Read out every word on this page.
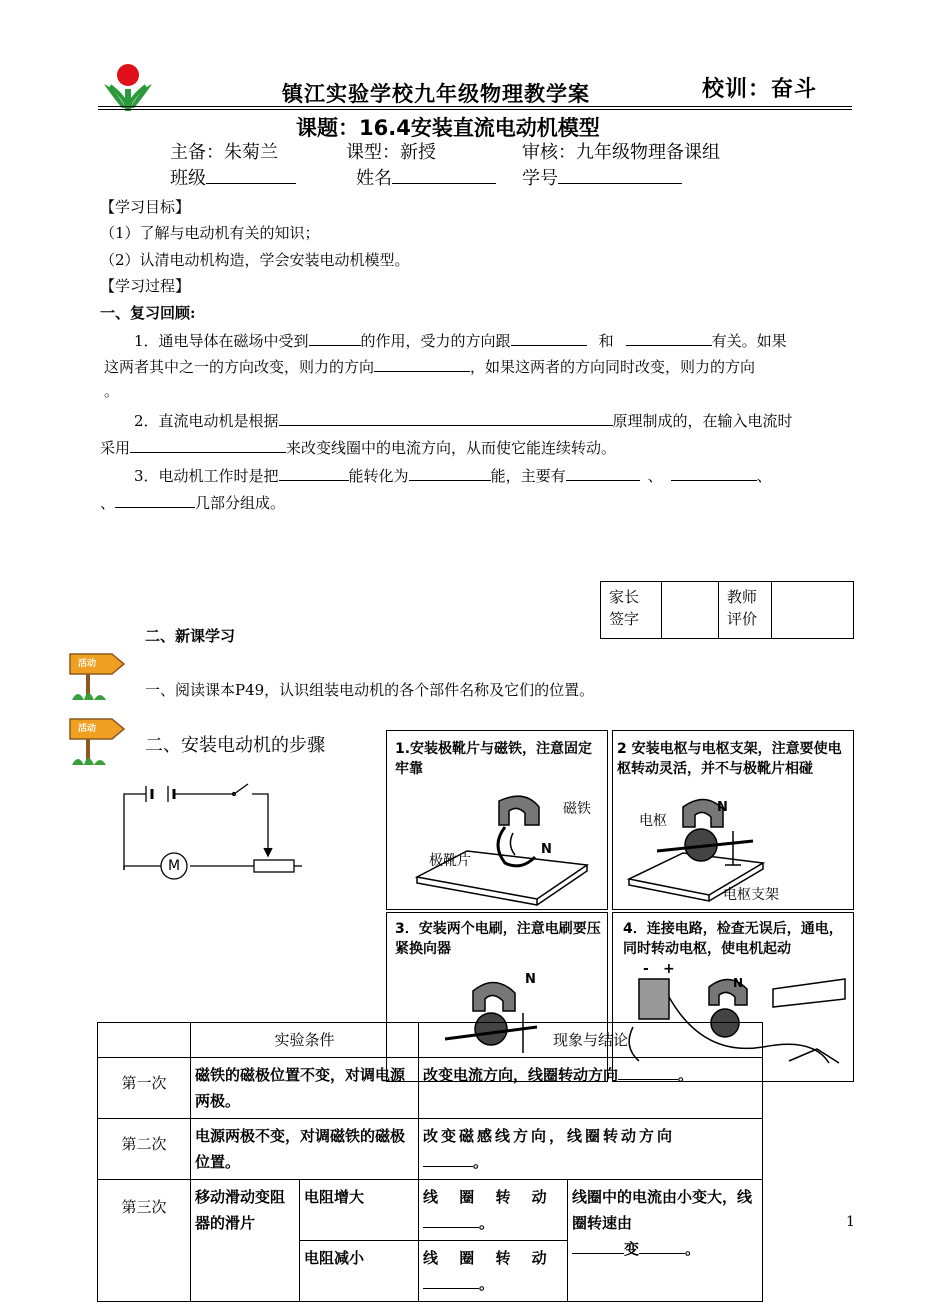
镇江实验学校九年级物理教学案	校训：奋斗
课题：16.4安装直流电动机模型
主备：朱菊兰	课型：新授	审核：九年级物理备课组
班级	姓名	学号
【学习目标】
（1）了解与电动机有关的知识；
（2）认清电动机构造，学会安装电动机模型。
【学习过程】
一、复习回顾:
1．通电导体在磁场中受到	的作用，受力的方向跟	和	有关。如果
这两者其中之一的方向改变，则力的方向	，如果这两者的方向同时改变，则力的方向
。
2．直流电动机是根据	原理制成的，在输入电流时
采用	来改变线圈中的电流方向，从而使它能连续转动。
3．电动机工作时是把	能转化为	能，主要有	、	、
、	几部分组成。
家长签字		教师评价	
二、新课学习
活动
一、阅读课本P49，认识组装电动机的各个部件名称及它们的位置。
活动
二、安装电动机的步骤
M
1.安装极靴片与磁铁，注意固定牢靠
磁铁
极靴片
N
2 安装电枢与电枢支架，注意要使电枢转动灵活，并不与极靴片相碰
电枢
电枢支架
N
3．安装两个电刷，注意电刷要压紧换向器
N
4．连接电路，检查无误后，通电，同时转动电枢，使电机起动
N
- +
	实验条件		现象与结论	
第一次	磁铁的磁极位置不变，对调电源两极。		改变电流方向，线圈转动方向 。	
第二次	电源两极不变，对调磁铁的磁极位置。		改变磁感线方向，线圈转动方向
。	
第三次	移动滑动变阻器的滑片	电阻增大	线 圈 转 动
。	线圈中的电流由小变大，线圈转速由
变 。
		电阻减小	线 圈 转 动
。	
1
